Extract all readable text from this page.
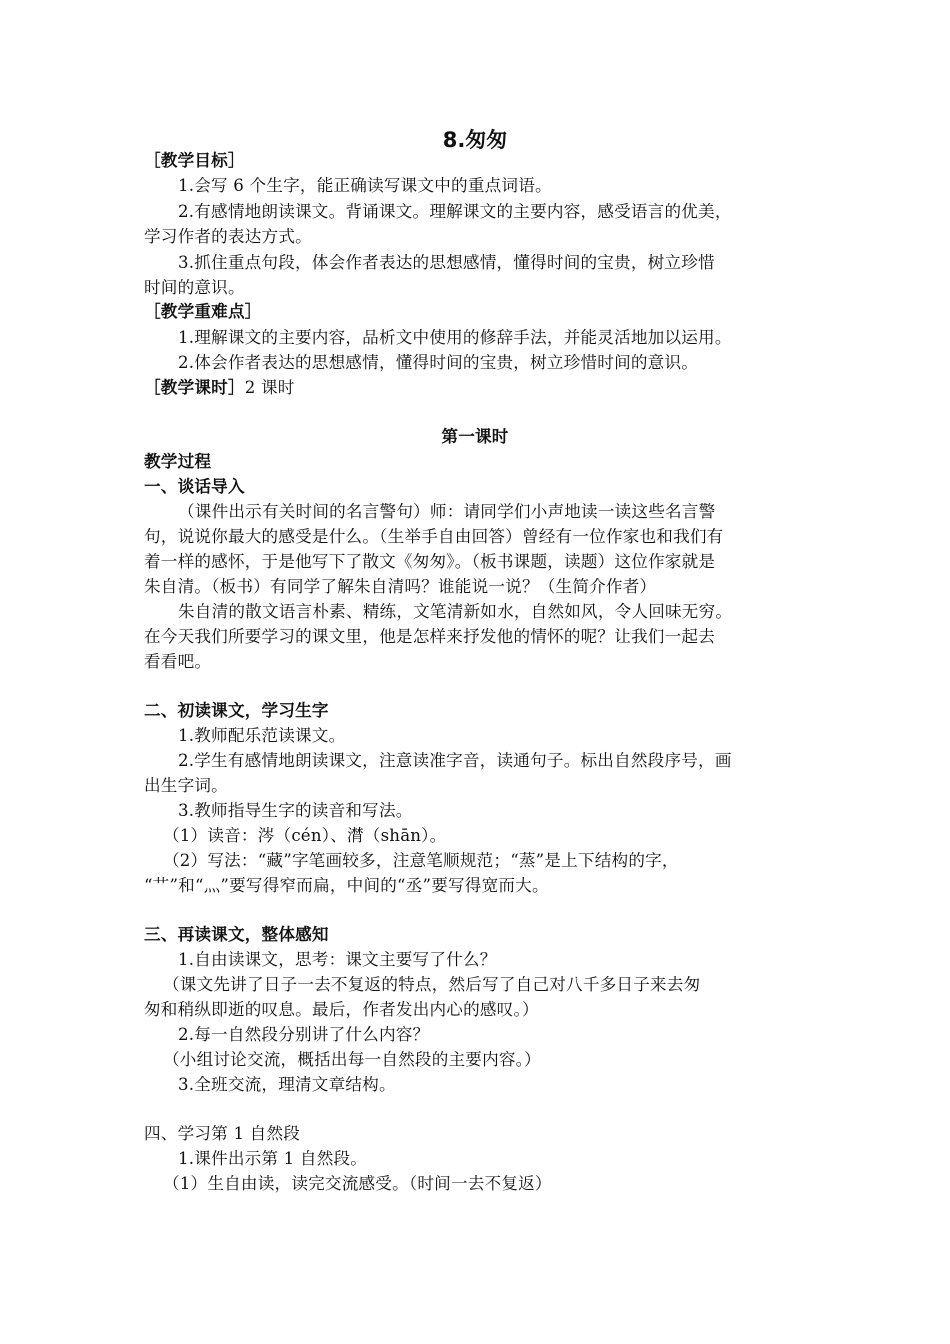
8.匆匆
［教学目标］
1.会写 6 个生字，能正确读写课文中的重点词语。
2.有感情地朗读课文。背诵课文。理解课文的主要内容，感受语言的优美，
学习作者的表达方式。
3.抓住重点句段，体会作者表达的思想感情，懂得时间的宝贵，树立珍惜
时间的意识。
［教学重难点］
1.理解课文的主要内容，品析文中使用的修辞手法，并能灵活地加以运用。
2.体会作者表达的思想感情，懂得时间的宝贵，树立珍惜时间的意识。
［教学课时］2 课时
第一课时
教学过程
一、谈话导入
（课件出示有关时间的名言警句）师：请同学们小声地读一读这些名言警
句，说说你最大的感受是什么。（生举手自由回答）曾经有一位作家也和我们有
着一样的感怀，于是他写下了散文《匆匆》。（板书课题，读题）这位作家就是
朱自清。（板书）有同学了解朱自清吗？谁能说一说？（生简介作者）
朱自清的散文语言朴素、精练，文笔清新如水，自然如风，令人回味无穷。
在今天我们所要学习的课文里，他是怎样来抒发他的情怀的呢？让我们一起去
看看吧。
二、初读课文，学习生字
1.教师配乐范读课文。
2.学生有感情地朗读课文，注意读准字音，读通句子。标出自然段序号，画
出生字词。
3.教师指导生字的读音和写法。
（1）读音：涔（cén）、潸（shān）。
（2）写法：“藏”字笔画较多，注意笔顺规范；“蒸”是上下结构的字，
“艹”和“灬”要写得窄而扁，中间的“丞”要写得宽而大。
三、再读课文，整体感知
1.自由读课文，思考：课文主要写了什么？
（课文先讲了日子一去不复返的特点，然后写了自己对八千多日子来去匆
匆和稍纵即逝的叹息。最后，作者发出内心的感叹。）
2.每一自然段分别讲了什么内容？
（小组讨论交流，概括出每一自然段的主要内容。）
3.全班交流，理清文章结构。
四、学习第 1 自然段
1.课件出示第 1 自然段。
（1）生自由读，读完交流感受。（时间一去不复返）
